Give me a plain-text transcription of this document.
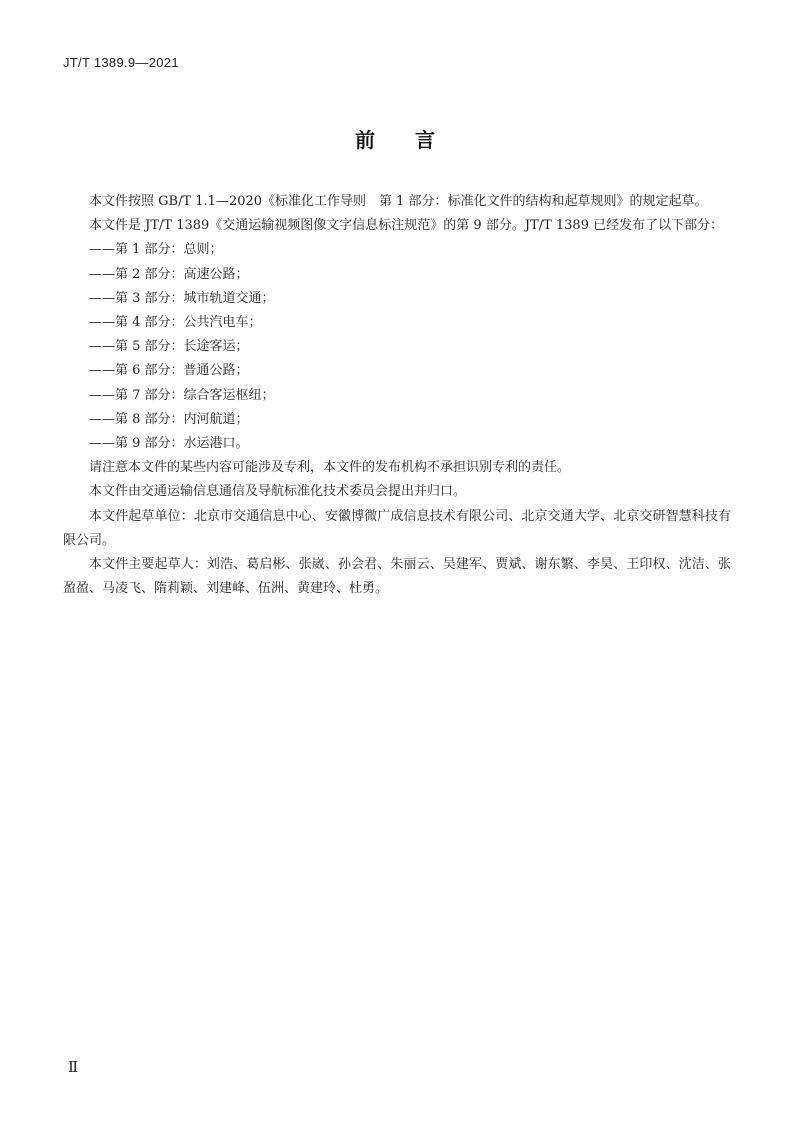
JT/T 1389.9—2021
前 言

本文件按照 GB/T 1.1—2020《标准化工作导则　第 1 部分：标准化文件的结构和起草规则》的规定起草。

本文件是 JT/T 1389《交通运输视频图像文字信息标注规范》的第 9 部分。JT/T 1389 已经发布了以下部分：

——第 1 部分：总则；

——第 2 部分：高速公路；

——第 3 部分：城市轨道交通；

——第 4 部分：公共汽电车；

——第 5 部分：长途客运；

——第 6 部分：普通公路；

——第 7 部分：综合客运枢纽；

——第 8 部分：内河航道；

——第 9 部分：水运港口。

请注意本文件的某些内容可能涉及专利，本文件的发布机构不承担识别专利的责任。

本文件由交通运输信息通信及导航标准化技术委员会提出并归口。

本文件起草单位：北京市交通信息中心、安徽博微广成信息技术有限公司、北京交通大学、北京交研智慧科技有限公司。

本文件主要起草人：刘浩、葛启彬、张崴、孙会君、朱丽云、吴建军、贾斌、谢东繁、李昊、王印权、沈洁、张盈盈、马凌飞、隋莉颖、刘建峰、伍洲、黄建玲、杜勇。

Ⅱ
